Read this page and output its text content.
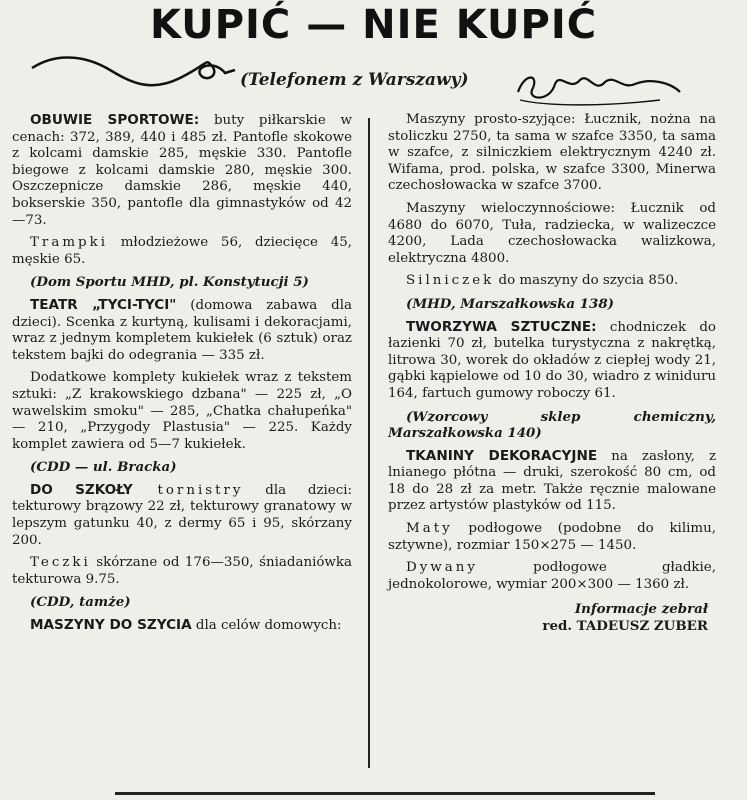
KUPIĆ — NIE KUPIĆ
(Telefonem z Warszawy)

OBUWIE SPORTOWE: buty piłkarskie w cenach: 372, 389, 440 i 485 zł. Pantofle skokowe z kolcami damskie 285, męskie 330. Pantofle biegowe z kolcami damskie 280, męskie 300. Oszczepnicze damskie 286, męskie 440, bokserskie 350, pantofle dla gimnastyków od 42—73.

Trampki młodzieżowe 56, dziecięce 45, męskie 65.

(Dom Sportu MHD, pl. Konstytucji 5)

TEATR „TYCI-TYCI" (domowa zabawa dla dzieci). Scenka z kurtyną, kulisami i dekoracjami, wraz z jednym kompletem kukiełek (6 sztuk) oraz tekstem bajki do odegrania — 335 zł.

Dodatkowe komplety kukiełek wraz z tekstem sztuki: „Z krakowskiego dzbana" — 225 zł, „O wawelskim smoku" — 285, „Chatka chałupeńka" — 210, „Przygody Plastusia" — 225. Każdy komplet zawiera od 5—7 kukiełek.

(CDD — ul. Bracka)

DO SZKOŁY tornistry dla dzieci: tekturowy brązowy 22 zł, tekturowy granatowy w lepszym gatunku 40, z dermy 65 i 95, skórzany 200.

Teczki skórzane od 176—350, śniadaniówka tekturowa 9.75.

(CDD, tamże)

MASZYNY DO SZYCIA dla celów domowych:

Maszyny prosto-szyjące: Łucznik, nożna na stoliczku 2750, ta sama w szafce 3350, ta sama w szafce, z silniczkiem elektrycznym 4240 zł. Wifama, prod. polska, w szafce 3300, Minerwa czechosłowacka w szafce 3700.

Maszyny wieloczynnościowe: Łucznik od 4680 do 6070, Tuła, radziecka, w walizeczce 4200, Lada czechosłowacka walizkowa, elektryczna 4800.

Silniczek do maszyny do szycia 850.

(MHD, Marszałkowska 138)

TWORZYWA SZTUCZNE: chodniczek do łazienki 70 zł, butelka turystyczna z nakrętką, litrowa 30, worek do okładów z ciepłej wody 21, gąbki kąpielowe od 10 do 30, wiadro z winiduru 164, fartuch gumowy roboczy 61.

(Wzorcowy sklep chemiczny, Marszałkowska 140)

TKANINY DEKORACYJNE na zasłony, z lnianego płótna — druki, szerokość 80 cm, od 18 do 28 zł za metr. Także ręcznie malowane przez artystów plastyków od 115.

Maty podłogowe (podobne do kilimu, sztywne), rozmiar 150×275 — 1450.

Dywany podłogowe gładkie, jednokolorowe, wymiar 200×300 — 1360 zł.

Informacje zebrał
red. TADEUSZ ZUBER
